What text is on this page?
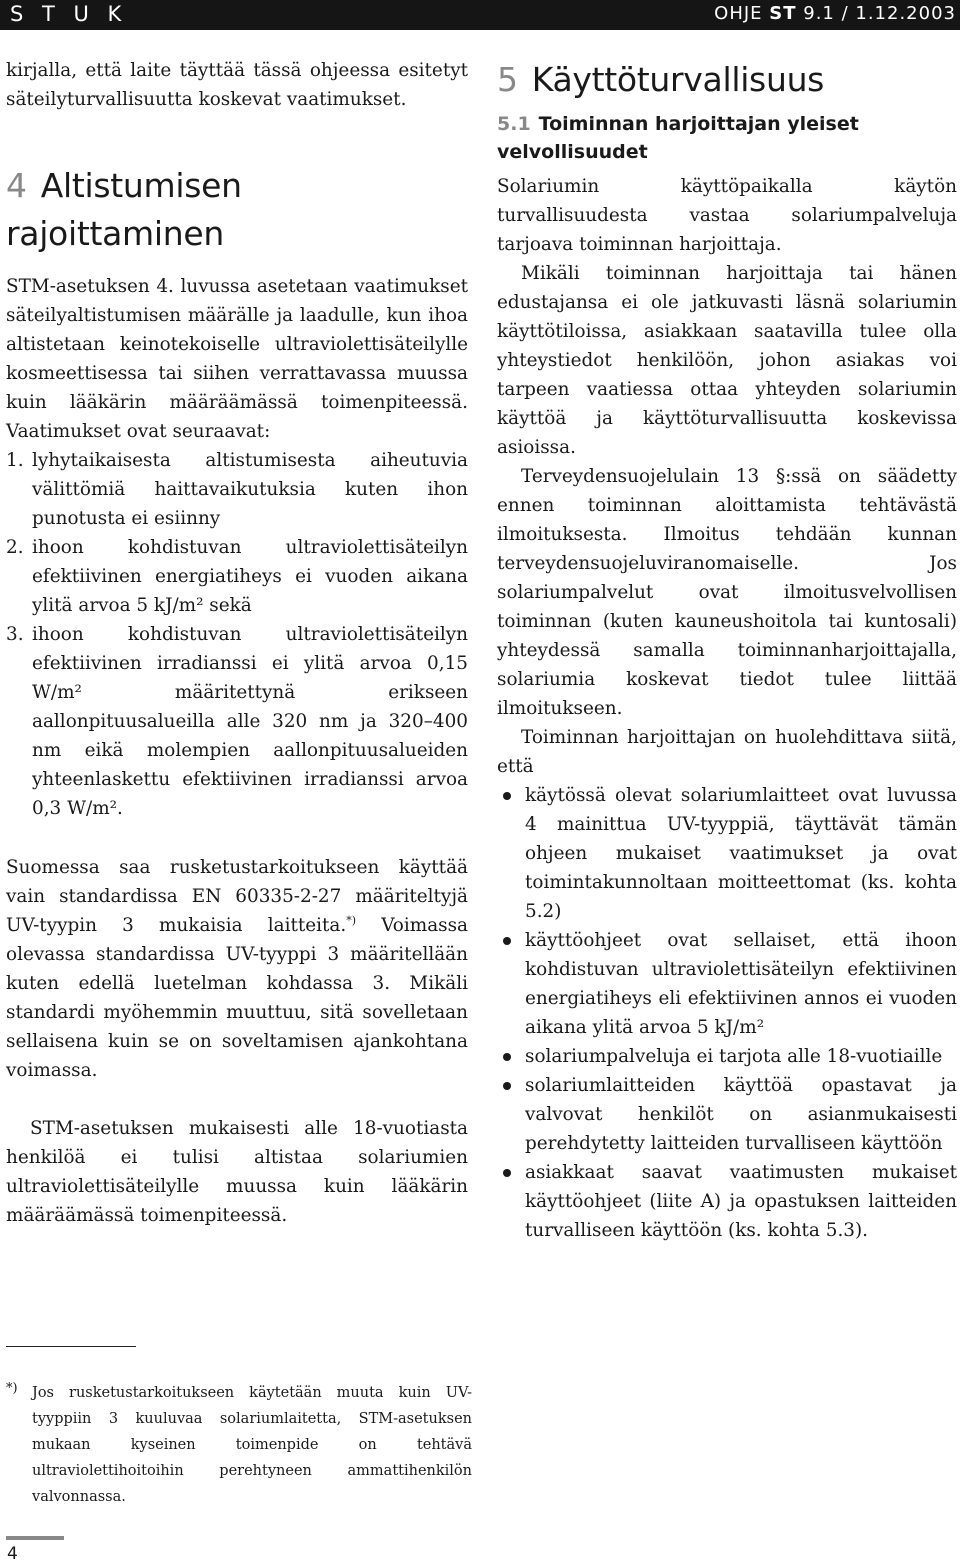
S T U K	OHJE ST 9.1 / 1.12.2003

kirjalla, että laite täyttää tässä ohjeessa esitetyt säteilyturvallisuutta koskevat vaatimukset.

4 Altistumisen rajoittaminen

STM-asetuksen 4. luvussa asetetaan vaatimukset säteilyaltistumisen määrälle ja laadulle, kun ihoa altistetaan keinotekoiselle ultraviolettisäteilylle kosmeettisessa tai siihen verrattavassa muussa kuin lääkärin määräämässä toimenpiteessä. Vaatimukset ovat seuraavat:

1. lyhytaikaisesta altistumisesta aiheutuvia välittömiä haittavaikutuksia kuten ihon punotusta ei esiinny
2. ihoon kohdistuvan ultraviolettisäteilyn efektiivinen energiatiheys ei vuoden aikana ylitä arvoa 5 kJ/m² sekä
3. ihoon kohdistuvan ultraviolettisäteilyn efektiivinen irradianssi ei ylitä arvoa 0,15 W/m² määritettynä erikseen aallonpituusalueilla alle 320 nm ja 320–400 nm eikä molempien aallonpituusalueiden yhteenlaskettu efektiivinen irradianssi arvoa 0,3 W/m².

Suomessa saa rusketustarkoitukseen käyttää vain standardissa EN 60335-2-27 määriteltyjä UV-tyypin 3 mukaisia laitteita.*) Voimassa olevassa standardissa UV-tyyppi 3 määritellään kuten edellä luetelman kohdassa 3. Mikäli standardi myöhemmin muuttuu, sitä sovelletaan sellaisena kuin se on soveltamisen ajankohtana voimassa.

STM-asetuksen mukaisesti alle 18-vuotiasta henkilöä ei tulisi altistaa solariumien ultraviolettisäteilylle muussa kuin lääkärin määräämässä toimenpiteessä.

5 Käyttöturvallisuus
5.1 Toiminnan harjoittajan yleiset velvollisuudet

Solariumin käyttöpaikalla käytön turvallisuudesta vastaa solariumpalveluja tarjoava toiminnan harjoittaja.

Mikäli toiminnan harjoittaja tai hänen edustajansa ei ole jatkuvasti läsnä solariumin käyttötiloissa, asiakkaan saatavilla tulee olla yhteystiedot henkilöön, johon asiakas voi tarpeen vaatiessa ottaa yhteyden solariumin käyttöä ja käyttöturvallisuutta koskevissa asioissa.

Terveydensuojelulain 13 §:ssä on säädetty ennen toiminnan aloittamista tehtävästä ilmoituksesta. Ilmoitus tehdään kunnan terveydensuojeluviranomaiselle. Jos solariumpalvelut ovat ilmoitusvelvollisen toiminnan (kuten kauneushoitola tai kuntosali) yhteydessä samalla toiminnanharjoittajalla, solariumia koskevat tiedot tulee liittää ilmoitukseen.

Toiminnan harjoittajan on huolehdittava siitä, että

käytössä olevat solariumlaitteet ovat luvussa 4 mainittua UV-tyyppiä, täyttävät tämän ohjeen mukaiset vaatimukset ja ovat toimintakunnoltaan moitteettomat (ks. kohta 5.2)
käyttöohjeet ovat sellaiset, että ihoon kohdistuvan ultraviolettisäteilyn efektiivinen energiatiheys eli efektiivinen annos ei vuoden aikana ylitä arvoa 5 kJ/m²
solariumpalveluja ei tarjota alle 18-vuotiaille
solariumlaitteiden käyttöä opastavat ja valvovat henkilöt on asianmukaisesti perehdytetty laitteiden turvalliseen käyttöön
asiakkaat saavat vaatimusten mukaiset käyttöohjeet (liite A) ja opastuksen laitteiden turvalliseen käyttöön (ks. kohta 5.3).
*) Jos rusketustarkoitukseen käytetään muuta kuin UV-tyyppiin 3 kuuluvaa solariumlaitetta, STM-asetuksen mukaan kyseinen toimenpide on tehtävä ultraviolettihoitoihin perehtyneen ammattihenkilön valvonnassa.
4
